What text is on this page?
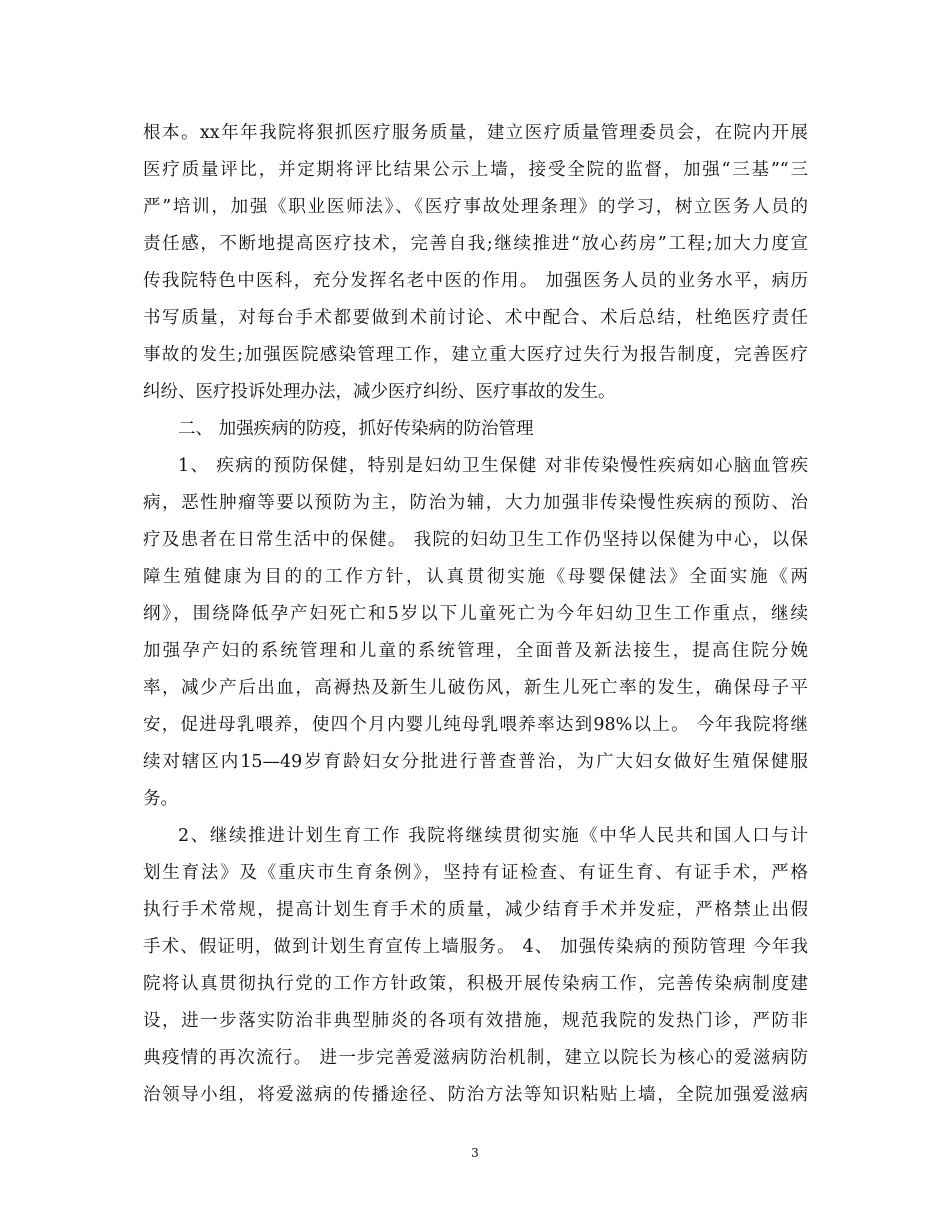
根本。xx年年我院将狠抓医疗服务质量，建立医疗质量管理委员会，在院内开展
医疗质量评比，并定期将评比结果公示上墙，接受全院的监督，加强“三基”“三
严”培训，加强《职业医师法》、《医疗事故处理条理》的学习，树立医务人员的
责任感，不断地提高医疗技术，完善自我;继续推进“放心药房”工程;加大力度宣
传我院特色中医科，充分发挥名老中医的作用。 加强医务人员的业务水平，病历
书写质量，对每台手术都要做到术前讨论、术中配合、术后总结，杜绝医疗责任
事故的发生;加强医院感染管理工作，建立重大医疗过失行为报告制度，完善医疗
纠纷、医疗投诉处理办法，减少医疗纠纷、医疗事故的发生。
二、 加强疾病的防疫，抓好传染病的防治管理
1、 疾病的预防保健，特别是妇幼卫生保健 对非传染慢性疾病如心脑血管疾
病，恶性肿瘤等要以预防为主，防治为辅，大力加强非传染慢性疾病的预防、治
疗及患者在日常生活中的保健。 我院的妇幼卫生工作仍坚持以保健为中心，以保
障生殖健康为目的的工作方针，认真贯彻实施《母婴保健法》全面实施《两
纲》，围绕降低孕产妇死亡和5岁以下儿童死亡为今年妇幼卫生工作重点，继续
加强孕产妇的系统管理和儿童的系统管理，全面普及新法接生，提高住院分娩
率，减少产后出血，高褥热及新生儿破伤风，新生儿死亡率的发生，确保母子平
安，促进母乳喂养，使四个月内婴儿纯母乳喂养率达到98%以上。 今年我院将继
续对辖区内15—49岁育龄妇女分批进行普查普治，为广大妇女做好生殖保健服
务。
2、继续推进计划生育工作 我院将继续贯彻实施《中华人民共和国人口与计
划生育法》及《重庆市生育条例》，坚持有证检查、有证生育、有证手术，严格
执行手术常规，提高计划生育手术的质量，减少结育手术并发症，严格禁止出假
手术、假证明，做到计划生育宣传上墙服务。 4、 加强传染病的预防管理 今年我
院将认真贯彻执行党的工作方针政策，积极开展传染病工作，完善传染病制度建
设，进一步落实防治非典型肺炎的各项有效措施，规范我院的发热门诊，严防非
典疫情的再次流行。 进一步完善爱滋病防治机制，建立以院长为核心的爱滋病防
治领导小组，将爱滋病的传播途径、防治方法等知识粘贴上墙，全院加强爱滋病
3
